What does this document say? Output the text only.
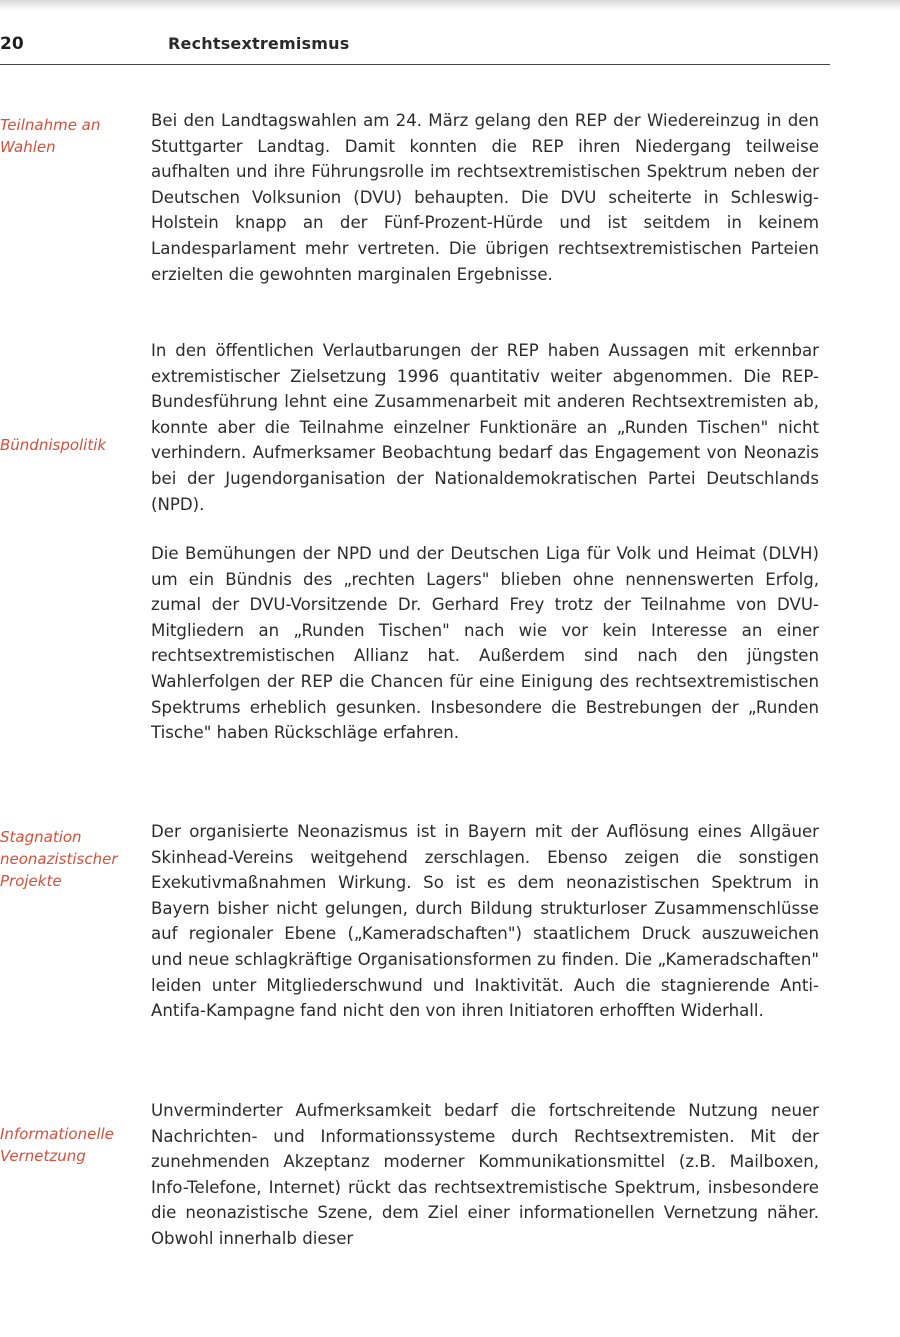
20	Rechtsextremismus
Teilnahme an Wahlen
Bündnispolitik
Stagnation neonazistischer Projekte
Informationelle Vernetzung

Bei den Landtagswahlen am 24. März gelang den REP der Wiedereinzug in den Stuttgarter Landtag. Damit konnten die REP ihren Niedergang teilweise aufhalten und ihre Führungsrolle im rechtsextremistischen Spektrum neben der Deutschen Volksunion (DVU) behaupten. Die DVU scheiterte in Schleswig-Holstein knapp an der Fünf-Prozent-Hürde und ist seitdem in keinem Landesparlament mehr vertreten. Die übrigen rechtsextremistischen Parteien erzielten die gewohnten marginalen Ergebnisse.

In den öffentlichen Verlautbarungen der REP haben Aussagen mit erkennbar extremistischer Zielsetzung 1996 quantitativ weiter abgenommen. Die REP-Bundesführung lehnt eine Zusammenarbeit mit anderen Rechtsextremisten ab, konnte aber die Teilnahme einzelner Funktionäre an „Runden Tischen" nicht verhindern. Aufmerksamer Beobachtung bedarf das Engagement von Neonazis bei der Jugendorganisation der Nationaldemokratischen Partei Deutschlands (NPD).

Die Bemühungen der NPD und der Deutschen Liga für Volk und Heimat (DLVH) um ein Bündnis des „rechten Lagers" blieben ohne nennenswerten Erfolg, zumal der DVU-Vorsitzende Dr. Gerhard Frey trotz der Teilnahme von DVU-Mitgliedern an „Runden Tischen" nach wie vor kein Interesse an einer rechtsextremistischen Allianz hat. Außerdem sind nach den jüngsten Wahlerfolgen der REP die Chancen für eine Einigung des rechtsextremistischen Spektrums erheblich gesunken. Insbesondere die Bestrebungen der „Runden Tische" haben Rückschläge erfahren.

Der organisierte Neonazismus ist in Bayern mit der Auflösung eines Allgäuer Skinhead-Vereins weitgehend zerschlagen. Ebenso zeigen die sonstigen Exekutivmaßnahmen Wirkung. So ist es dem neonazistischen Spektrum in Bayern bisher nicht gelungen, durch Bildung strukturloser Zusammenschlüsse auf regionaler Ebene („Kameradschaften") staatlichem Druck auszuweichen und neue schlagkräftige Organisationsformen zu finden. Die „Kameradschaften" leiden unter Mitgliederschwund und Inaktivität. Auch die stagnierende Anti-Antifa-Kampagne fand nicht den von ihren Initiatoren erhofften Widerhall.

Unverminderter Aufmerksamkeit bedarf die fortschreitende Nutzung neuer Nachrichten- und Informationssysteme durch Rechtsextremisten. Mit der zunehmenden Akzeptanz moderner Kommunikationsmittel (z.B. Mailboxen, Info-Telefone, Internet) rückt das rechtsextremistische Spektrum, insbesondere die neonazistische Szene, dem Ziel einer informationellen Vernetzung näher. Obwohl innerhalb dieser
